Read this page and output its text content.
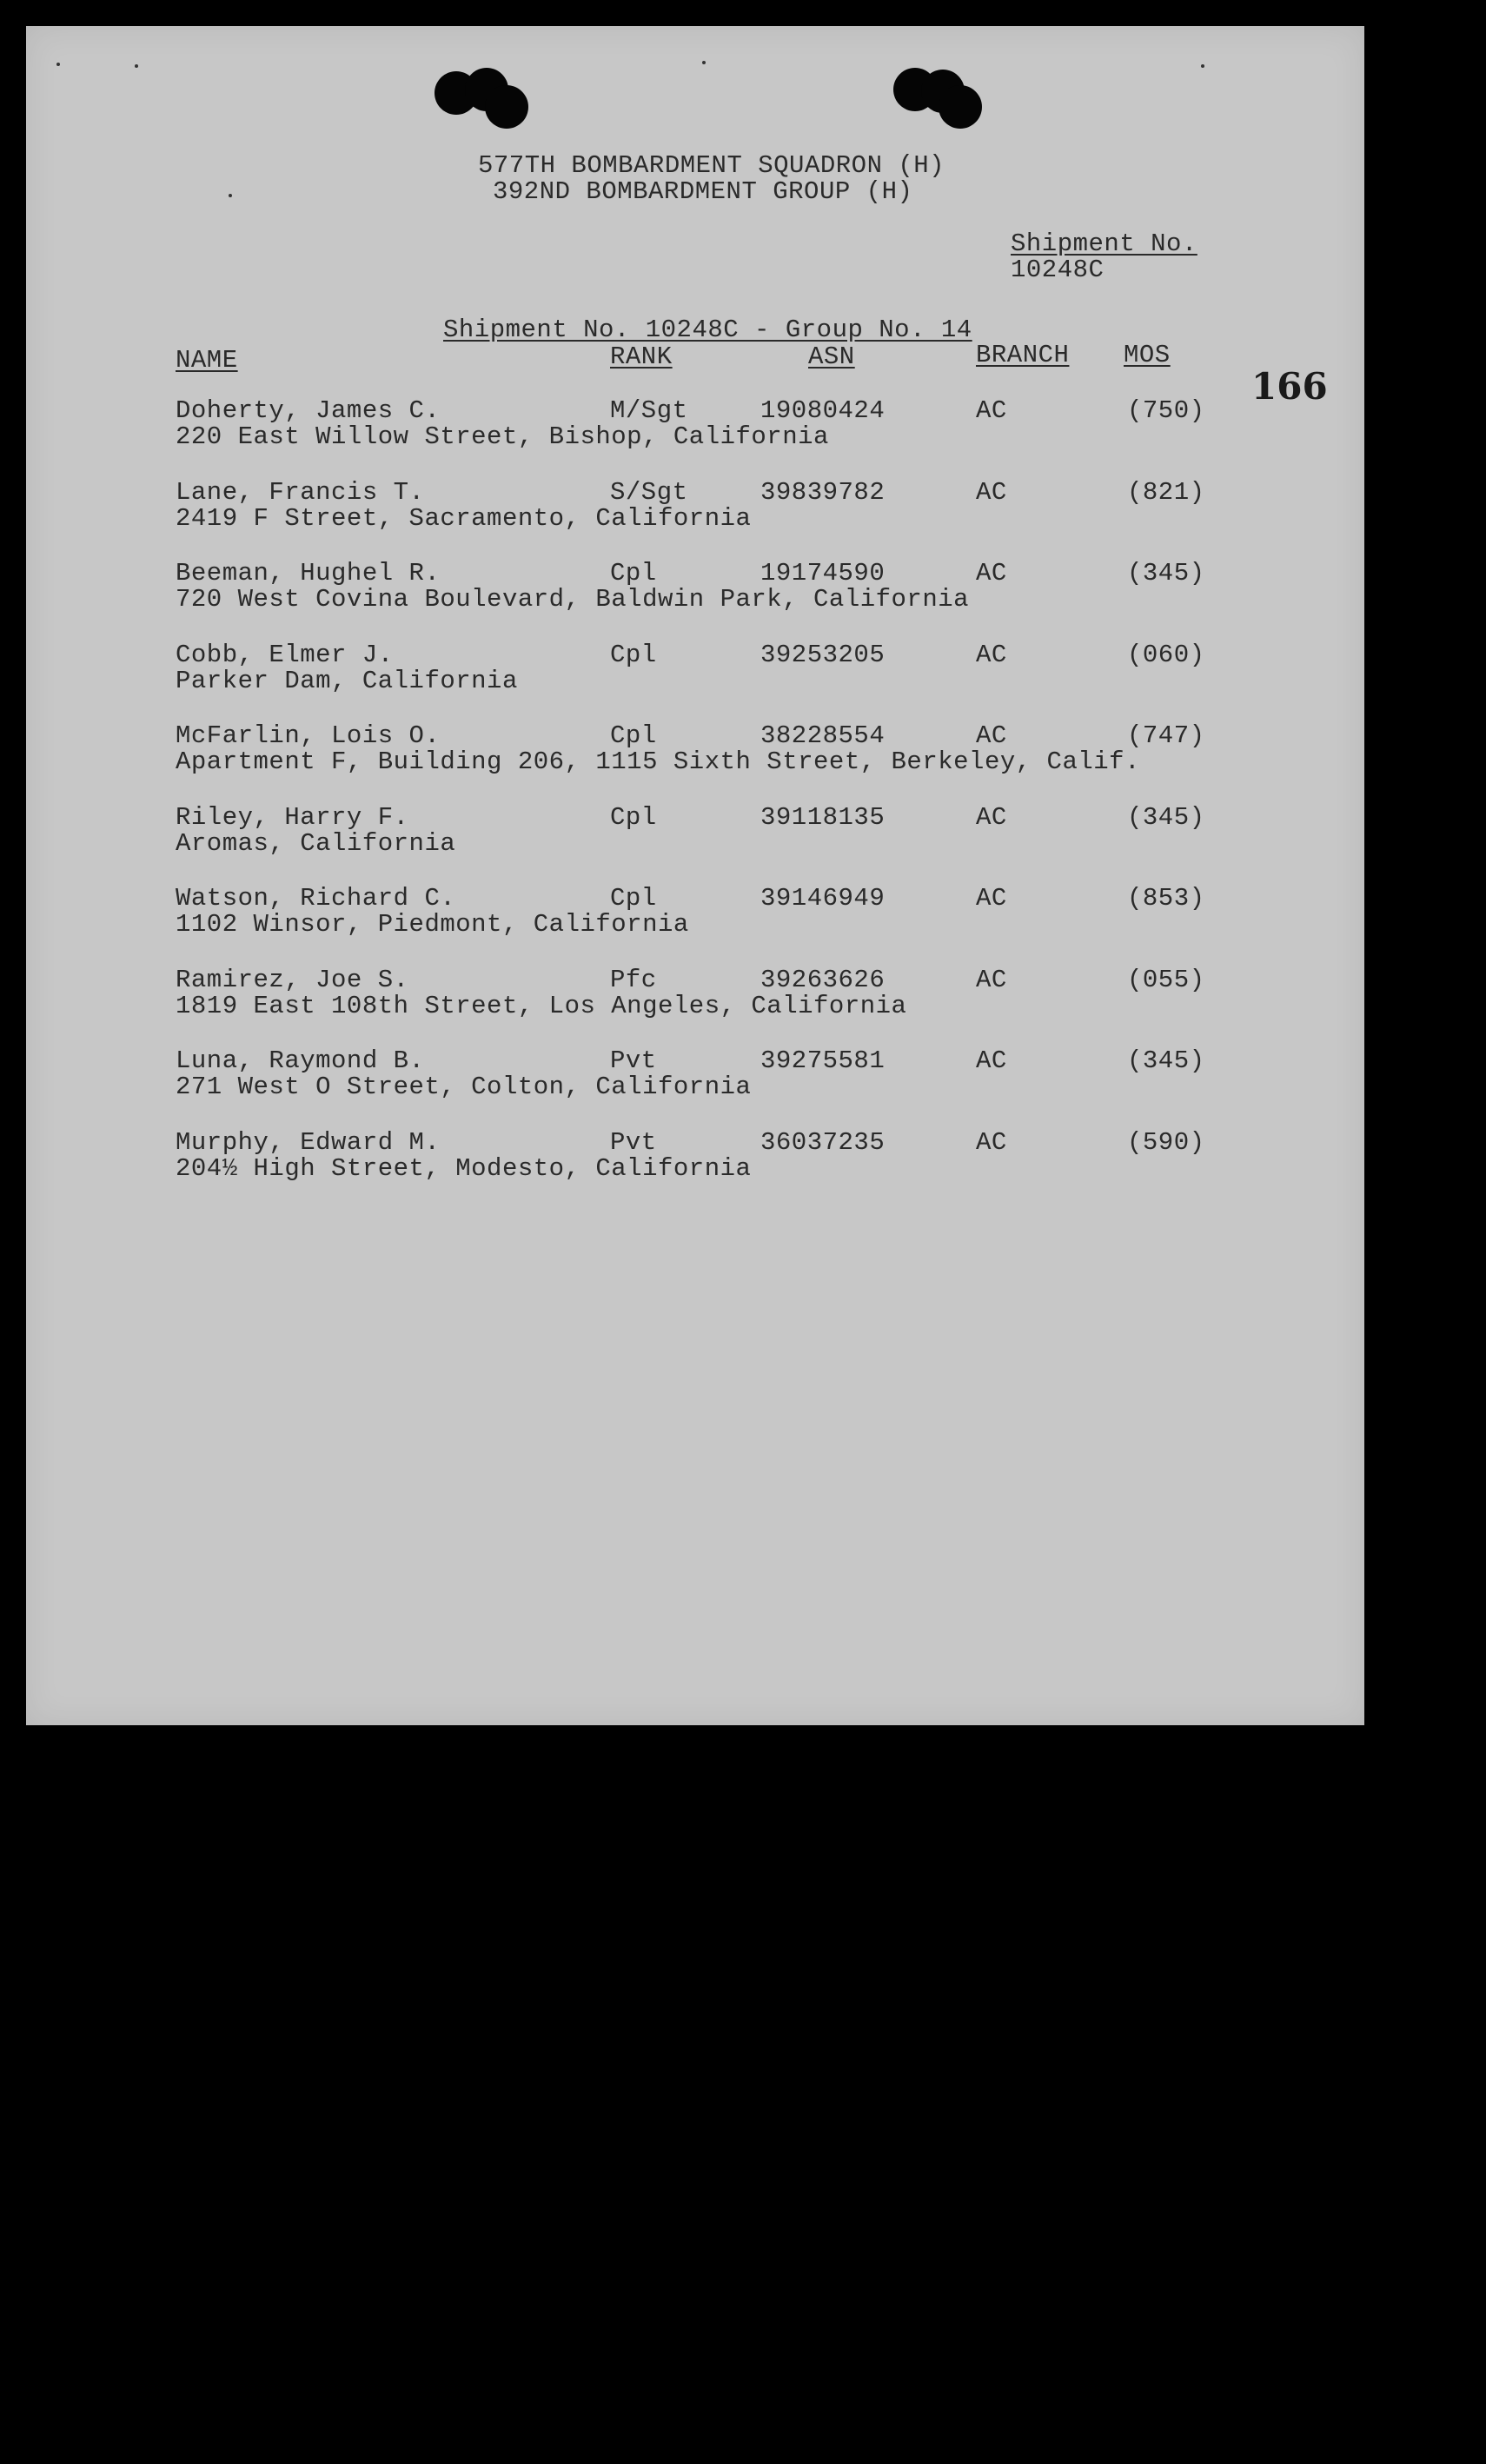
577TH BOMBARDMENT SQUADRON (H)
392ND BOMBARDMENT GROUP (H)
Shipment No.
10248C
166
Shipment No. 10248C - Group No. 14
NAME	RANK	ASN	BRANCH MOS
Doherty, James C.	M/Sgt	19080424	AC	(750)
220 East Willow Street, Bishop, California
Lane, Francis T.	S/Sgt	39839782	AC	(821)
2419 F Street, Sacramento, California
Beeman, Hughel R.	Cpl	19174590	AC	(345)
720 West Covina Boulevard, Baldwin Park, California
Cobb, Elmer J.	Cpl	39253205	AC	(060)
Parker Dam, California
McFarlin, Lois O.	Cpl	38228554	AC	(747)
Apartment F, Building 206, 1115 Sixth Street, Berkeley, Calif.
Riley, Harry F.	Cpl	39118135	AC	(345)
Aromas, California
Watson, Richard C.	Cpl	39146949	AC	(853)
1102 Winsor, Piedmont, California
Ramirez, Joe S.	Pfc	39263626	AC	(055)
1819 East 108th Street, Los Angeles, California
Luna, Raymond B.	Pvt	39275581	AC	(345)
271 West O Street, Colton, California
Murphy, Edward M.	Pvt	36037235	AC	(590)
204½ High Street, Modesto, California
